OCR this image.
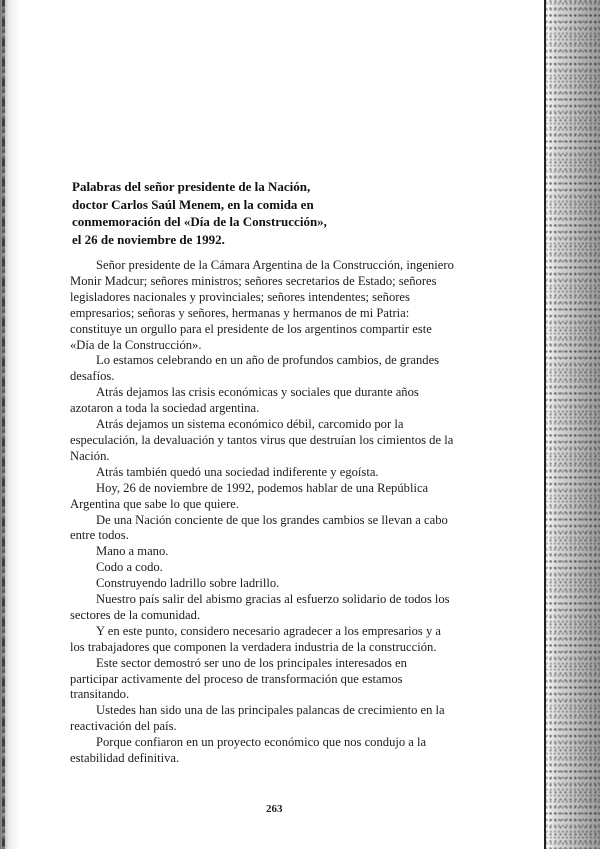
Palabras del señor presidente de la Nación,
doctor Carlos Saúl Menem, en la comida en
conmemoración del «Día de la Construcción»,
el 26 de noviembre de 1992.

Señor presidente de la Cámara Argentina de la Construcción, ingeniero
Monir Madcur; señores ministros; señores secretarios de Estado; señores
legisladores nacionales y provinciales; señores intendentes; señores
empresarios; señoras y señores, hermanas y hermanos de mi Patria:
constituye un orgullo para el presidente de los argentinos compartir este
«Día de la Construcción».

Lo estamos celebrando en un año de profundos cambios, de grandes
desafíos.

Atrás dejamos las crisis económicas y sociales que durante años
azotaron a toda la sociedad argentina.

Atrás dejamos un sistema económico débil, carcomido por la
especulación, la devaluación y tantos virus que destruían los cimientos de la
Nación.

Atrás también quedó una sociedad indiferente y egoísta.

Hoy, 26 de noviembre de 1992, podemos hablar de una República
Argentina que sabe lo que quiere.

De una Nación conciente de que los grandes cambios se llevan a cabo
entre todos.

Mano a mano.

Codo a codo.

Construyendo ladrillo sobre ladrillo.

Nuestro país salir del abismo gracias al esfuerzo solidario de todos los
sectores de la comunidad.

Y en este punto, considero necesario agradecer a los empresarios y a
los trabajadores que componen la verdadera industria de la construcción.

Este sector demostró ser uno de los principales interesados en
participar activamente del proceso de transformación que estamos
transitando.

Ustedes han sido una de las principales palancas de crecimiento en la
reactivación del país.

Porque confiaron en un proyecto económico que nos condujo a la
estabilidad definitiva.

263
